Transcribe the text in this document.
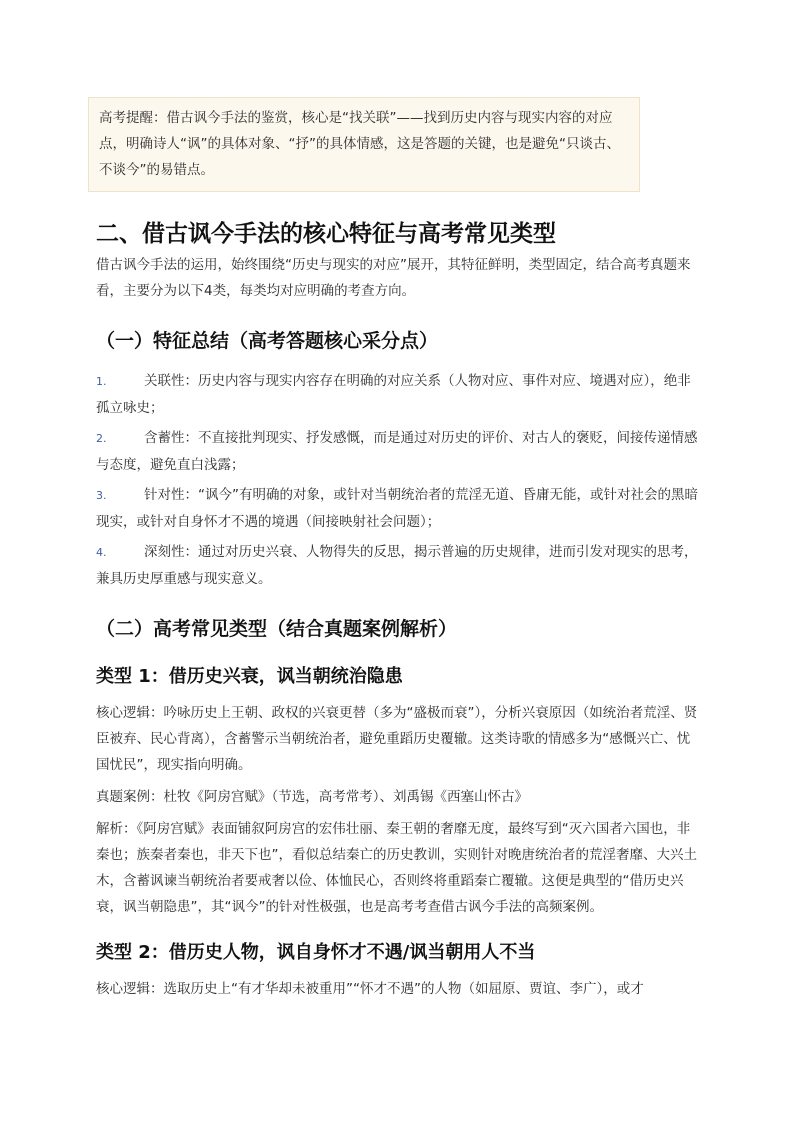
高考提醒：借古讽今手法的鉴赏，核心是“找关联”——找到历史内容与现实内容的对应点，明确诗人“讽”的具体对象、“抒”的具体情感，这是答题的关键，也是避免“只谈古、不谈今”的易错点。
二、借古讽今手法的核心特征与高考常见类型

借古讽今手法的运用，始终围绕“历史与现实的对应”展开，其特征鲜明，类型固定，结合高考真题来看，主要分为以下4类，每类均对应明确的考查方向。

（一）特征总结（高考答题核心采分点）
1.	关联性：历史内容与现实内容存在明确的对应关系（人物对应、事件对应、境遇对应），绝非孤立咏史；
2.	含蓄性：不直接批判现实、抒发感慨，而是通过对历史的评价、对古人的褒贬，间接传递情感与态度，避免直白浅露；
3.	针对性：“讽今”有明确的对象，或针对当朝统治者的荒淫无道、昏庸无能，或针对社会的黑暗现实，或针对自身怀才不遇的境遇（间接映射社会问题）；
4.	深刻性：通过对历史兴衰、人物得失的反思，揭示普遍的历史规律，进而引发对现实的思考，兼具历史厚重感与现实意义。
（二）高考常见类型（结合真题案例解析）
类型 1：借历史兴衰，讽当朝统治隐患

核心逻辑：吟咏历史上王朝、政权的兴衰更替（多为“盛极而衰”），分析兴衰原因（如统治者荒淫、贤臣被弃、民心背离），含蓄警示当朝统治者，避免重蹈历史覆辙。这类诗歌的情感多为“感慨兴亡、忧国忧民”，现实指向明确。

真题案例：杜牧《阿房宫赋》（节选，高考常考）、刘禹锡《西塞山怀古》

解析：《阿房宫赋》表面铺叙阿房宫的宏伟壮丽、秦王朝的奢靡无度，最终写到“灭六国者六国也，非秦也；族秦者秦也，非天下也”，看似总结秦亡的历史教训，实则针对晚唐统治者的荒淫奢靡、大兴土木，含蓄讽谏当朝统治者要戒奢以俭、体恤民心，否则终将重蹈秦亡覆辙。这便是典型的“借历史兴衰，讽当朝隐患”，其“讽今”的针对性极强，也是高考考查借古讽今手法的高频案例。

类型 2：借历史人物，讽自身怀才不遇/讽当朝用人不当

核心逻辑：选取历史上“有才华却未被重用”“怀才不遇”的人物（如屈原、贾谊、李广），或才
